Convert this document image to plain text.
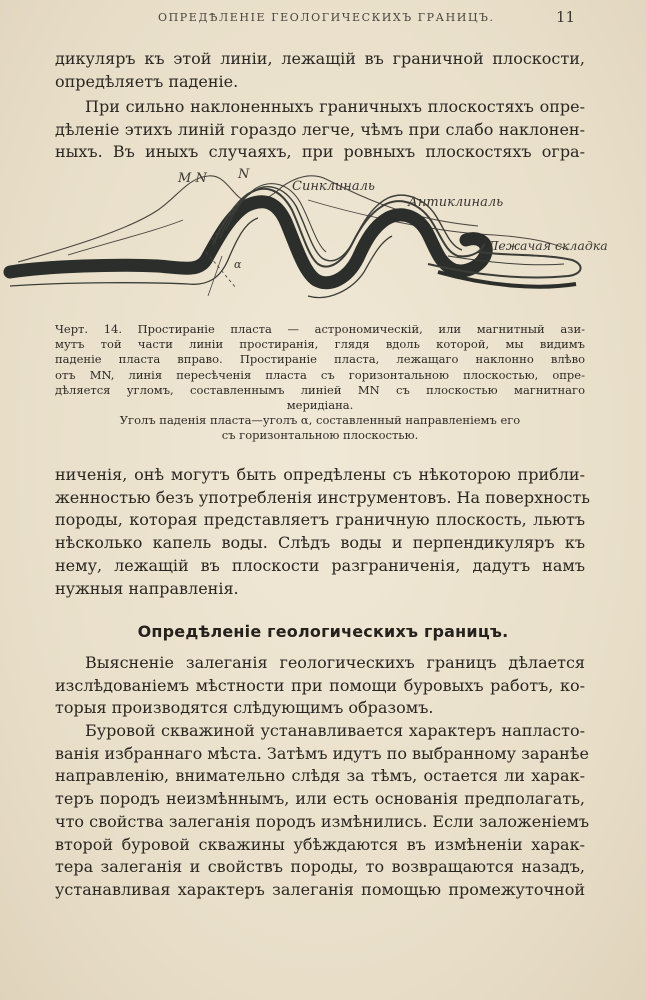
ОПРЕДѢЛЕНІЕ ГЕОЛОГИЧЕСКИХЪ ГРАНИЦЪ.	11
дикуляръ къ этой линіи, лежащій въ граничной плоскости,
опредѣляетъ паденіе.
При сильно наклоненныхъ граничныхъ плоскостяхъ опре-
дѣленіе этихъ линій гораздо легче, чѣмъ при слабо наклонен-
ныхъ. Въ иныхъ случаяхъ, при ровныхъ плоскостяхъ огра-
M N N
Синклиналь
Антиклиналь
Лежачая складка
α
Черт. 14. Простираніе пласта — астрономическій, или магнитный ази-
мутъ той части линіи простиранія, глядя вдоль которой, мы видимъ
паденіе пласта вправо. Простираніе пласта, лежащаго наклонно влѣво
отъ MN, линія пересѣченія пласта съ горизонтальною плоскостью, опре-
дѣляется угломъ, составленнымъ линіей MN съ плоскостью магнитнаго
меридіана.
Уголъ паденія пласта—уголъ α, составленный направленіемъ его
съ горизонтальною плоскостью.
ниченія, онѣ могутъ быть опредѣлены съ нѣкоторою прибли-
женностью безъ употребленія инструментовъ. На поверхность
породы, которая представляетъ граничную плоскость, льютъ
нѣсколько капель воды. Слѣдъ воды и перпендикуляръ къ
нему, лежащій въ плоскости разграниченія, дадутъ намъ
нужныя направленія.
Опредѣленіе геологическихъ границъ.
Выясненіе залеганія геологическихъ границъ дѣлается
изслѣдованіемъ мѣстности при помощи буровыхъ работъ, ко-
торыя производятся слѣдующимъ образомъ.
Буровой скважиной устанавливается характеръ напласто-
ванія избраннаго мѣста. Затѣмъ идутъ по выбранному заранѣе
направленію, внимательно слѣдя за тѣмъ, остается ли харак-
теръ породъ неизмѣннымъ, или есть основанія предполагать,
что свойства залеганія породъ измѣнились. Если заложеніемъ
второй буровой скважины убѣждаются въ измѣненіи харак-
тера залеганія и свойствъ породы, то возвращаются назадъ,
устанавливая характеръ залеганія помощью промежуточной
